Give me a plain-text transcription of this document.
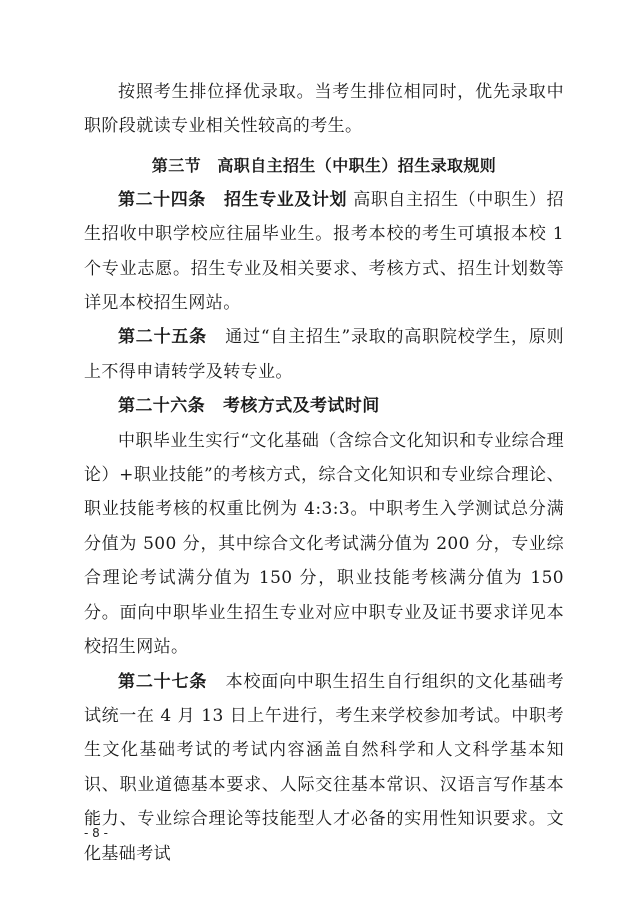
按照考生排位择优录取。当考生排位相同时，优先录取中职阶段就读专业相关性较高的考生。

第三节　高职自主招生（中职生）招生录取规则

第二十四条 招生专业及计划 高职自主招生（中职生）招生招收中职学校应往届毕业生。报考本校的考生可填报本校 1 个专业志愿。招生专业及相关要求、考核方式、招生计划数等详见本校招生网站。

第二十五条 通过“自主招生”录取的高职院校学生，原则上不得申请转学及转专业。

第二十六条 考核方式及考试时间

中职毕业生实行“文化基础（含综合文化知识和专业综合理论）+职业技能”的考核方式，综合文化知识和专业综合理论、职业技能考核的权重比例为 4:3:3。中职考生入学测试总分满分值为 500 分，其中综合文化考试满分值为 200 分，专业综合理论考试满分值为 150 分，职业技能考核满分值为 150 分。面向中职毕业生招生专业对应中职专业及证书要求详见本校招生网站。

第二十七条 本校面向中职生招生自行组织的文化基础考试统一在 4 月 13 日上午进行，考生来学校参加考试。中职考生文化基础考试的考试内容涵盖自然科学和人文科学基本知识、职业道德基本要求、人际交往基本常识、汉语言写作基本能力、专业综合理论等技能型人才必备的实用性知识要求。文化基础考试

- 8 -
